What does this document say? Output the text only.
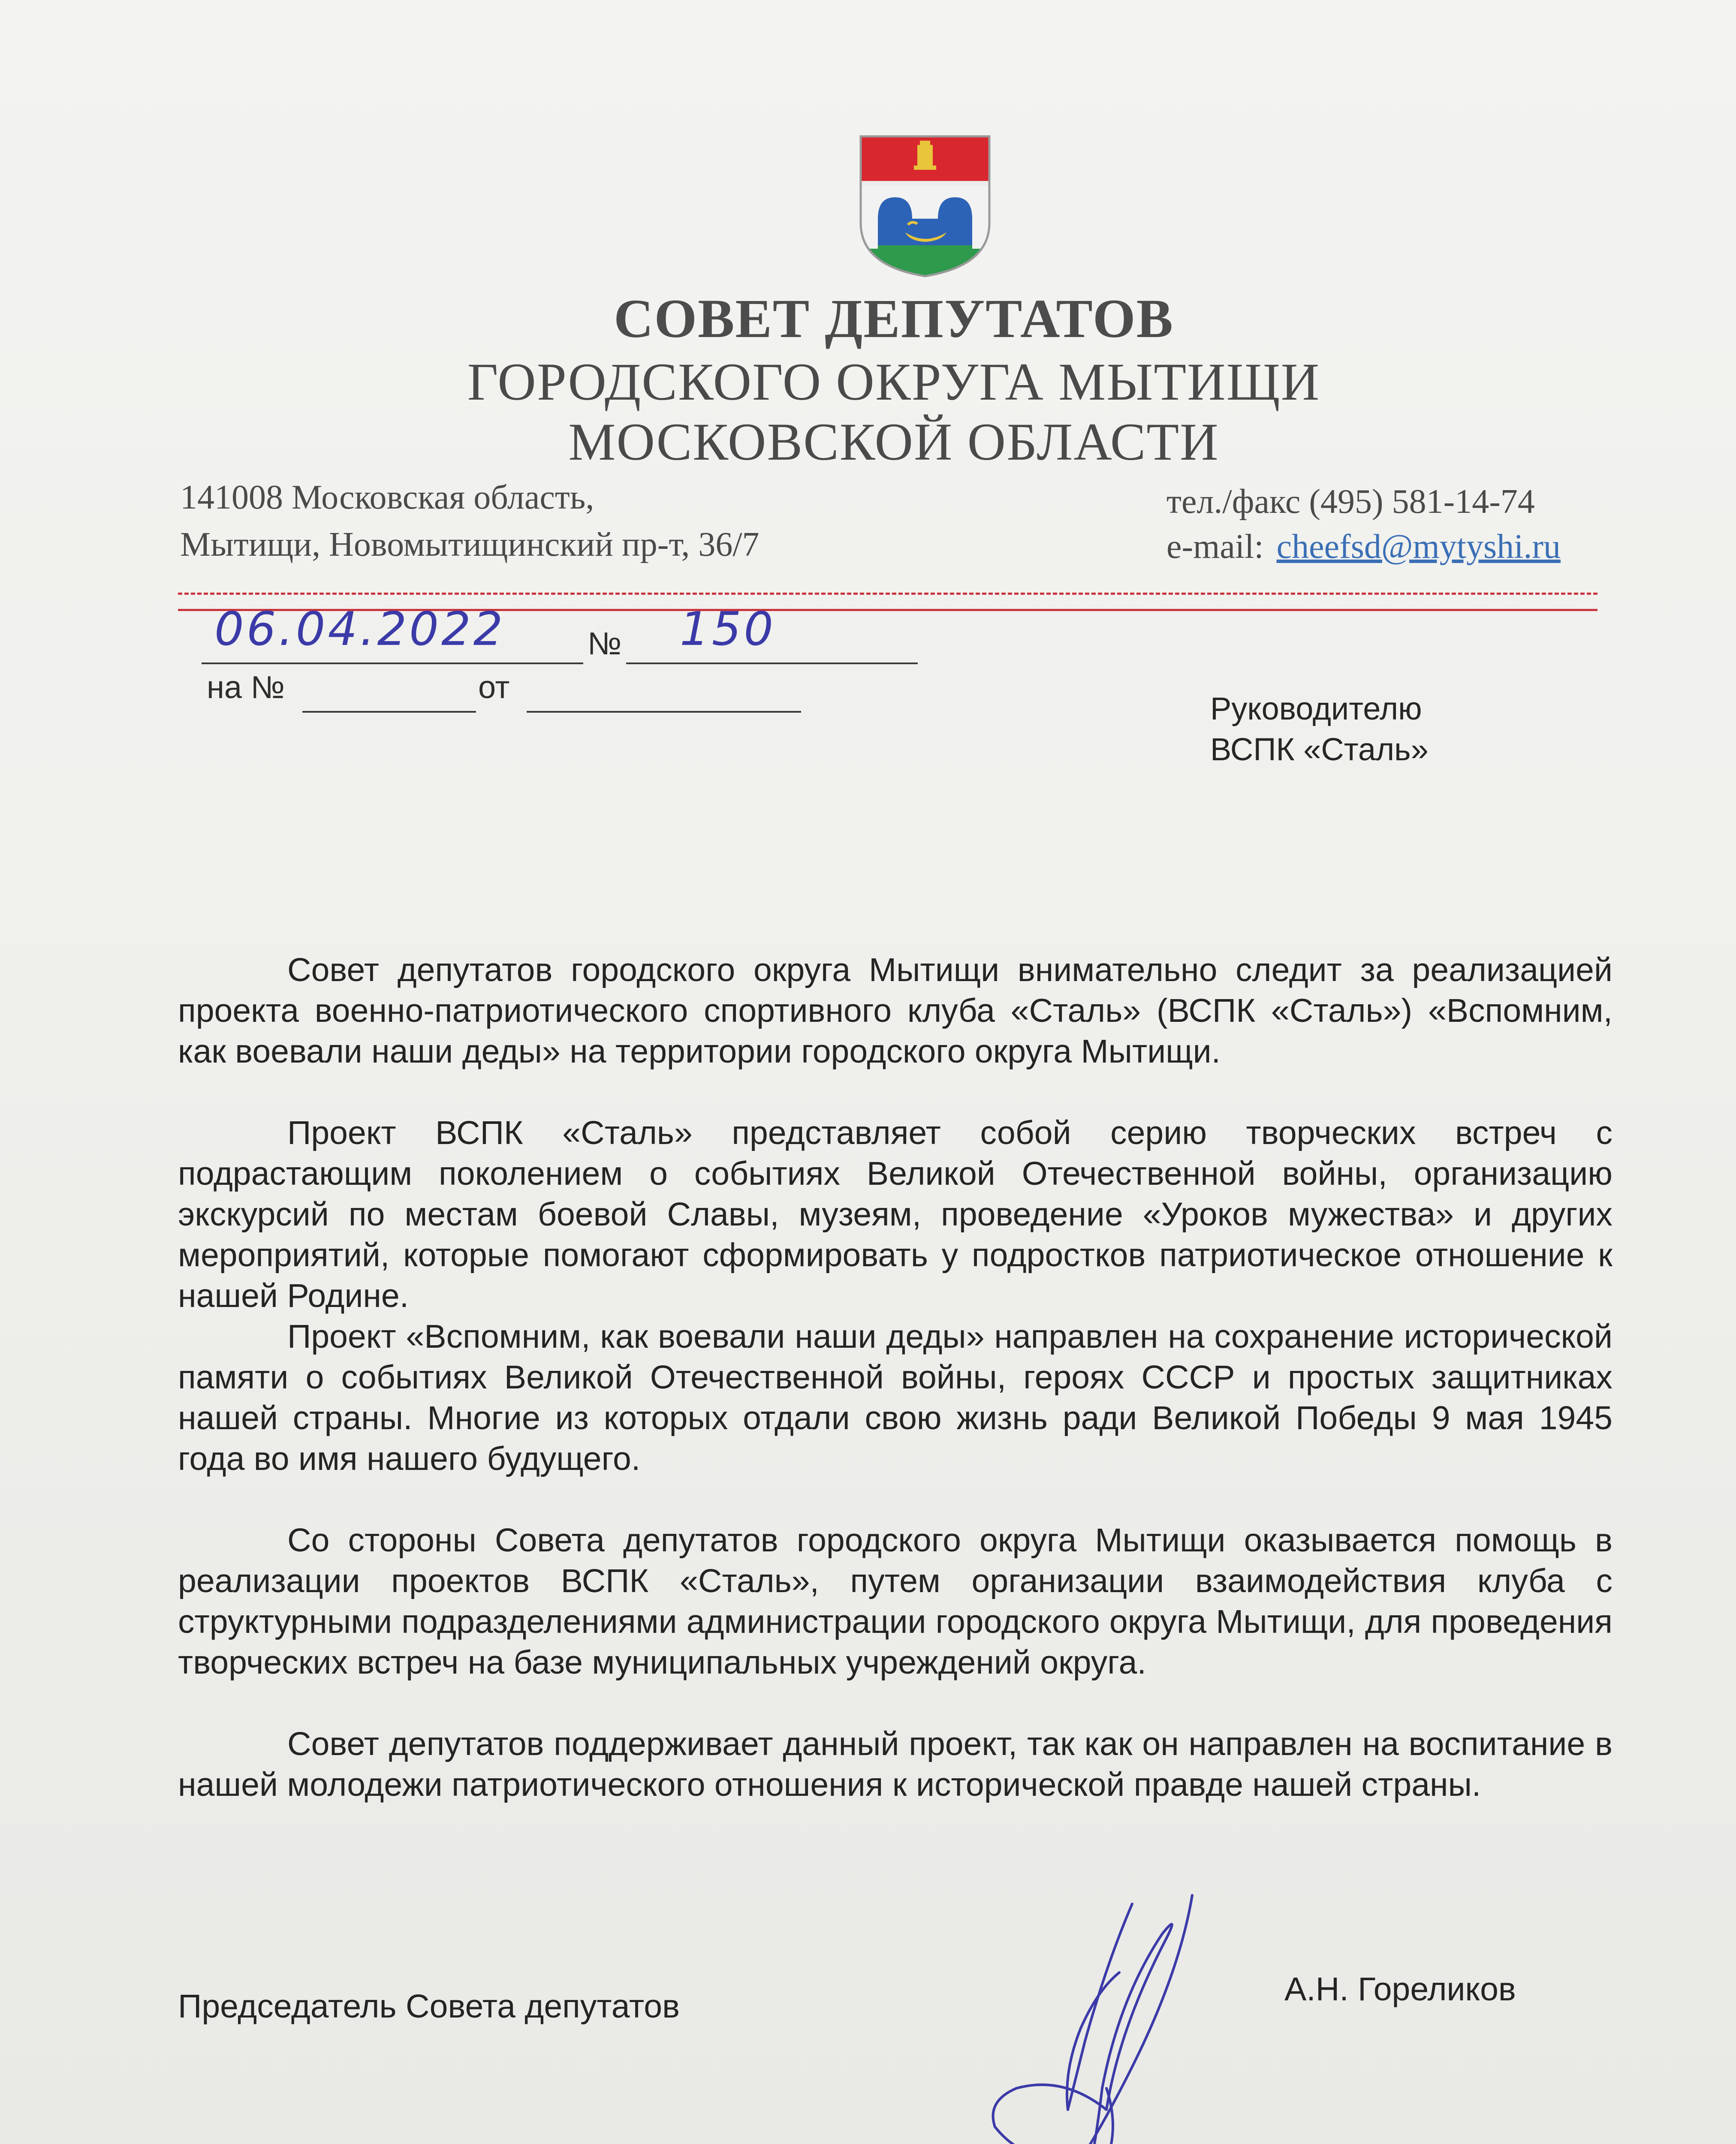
СОВЕТ ДЕПУТАТОВ
ГОРОДСКОГО ОКРУГА МЫТИЩИ
МОСКОВСКОЙ ОБЛАСТИ
141008 Московская область,
Мытищи, Новомытищинский пр-т, 36/7
тел./факс (495) 581-14-74
e-mail: cheefsd@mytyshi.ru
06.04.2022	№ 150
на №	от
Руководителю
ВСПК «Сталь»

Совет депутатов городского округа Мытищи внимательно следит за реализацией проекта военно-патриотического спортивного клуба «Сталь» (ВСПК «Сталь») «Вспомним, как воевали наши деды» на территории городского округа Мытищи.

Проект ВСПК «Сталь» представляет собой серию творческих встреч с подрастающим поколением о событиях Великой Отечественной войны, организацию экскурсий по местам боевой Славы, музеям, проведение «Уроков мужества» и других мероприятий, которые помогают сформировать у подростков патриотическое отношение к нашей Родине.

Проект «Вспомним, как воевали наши деды» направлен на сохранение исторической памяти о событиях Великой Отечественной войны, героях СССР и простых защитниках нашей страны. Многие из которых отдали свою жизнь ради Великой Победы 9 мая 1945 года во имя нашего будущего.

Со стороны Совета депутатов городского округа Мытищи оказывается помощь в реализации проектов ВСПК «Сталь», путем организации взаимодействия клуба с структурными подразделениями администрации городского округа Мытищи, для проведения творческих встреч на базе муниципальных учреждений округа.

Совет депутатов поддерживает данный проект, так как он направлен на воспитание в нашей молодежи патриотического отношения к исторической правде нашей страны.

Председатель Совета депутатов	А.Н. Гореликов
